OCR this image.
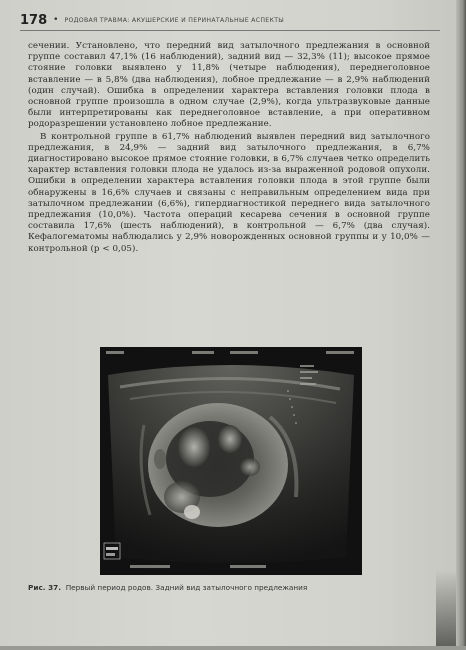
178 • РОДОВАЯ ТРАВМА: АКУШЕРСКИЕ И ПЕРИНАТАЛЬНЫЕ АСПЕКТЫ

сечении. Установлено, что передний вид затылочного предлежания в основной группе составил 47,1% (16 наблюдений), задний вид — 32,3% (11); высокое прямое стояние головки выявлено у 11,8% (четыре наблюдения), переднеголовное вставление — в 5,8% (два наблюдения), лобное предлежание — в 2,9% наблюдений (один случай). Ошибка в определении характера вставления головки плода в основной группе произошла в одном случае (2,9%), когда ультразвуковые данные были интерпретированы как переднеголовное вставление, а при оперативном родоразрешении установлено лобное предлежание.

В контрольной группе в 61,7% наблюдений выявлен передний вид затылочного предлежания, в 24,9% — задний вид затылочного предлежания, в 6,7% диагностировано высокое прямое стояние головки, в 6,7% случаев четко определить характер вставления головки плода не удалось из-за выраженной родовой опухоли. Ошибки в определении характера вставления головки плода в этой группе были обнаружены в 16,6% случаев и связаны с неправильным определением вида при затылочном предлежании (6,6%), гипердиагностикой переднего вида затылочного предлежания (10,0%). Частота операций кесарева сечения в основной группе составила 17,6% (шесть наблюдений), в контрольной — 6,7% (два случая). Кефалогематомы наблюдались у 2,9% новорожденных основной группы и у 10,0% — контрольной (p < 0,05).

Рис. 37. Первый период родов. Задний вид затылочного предлежания
